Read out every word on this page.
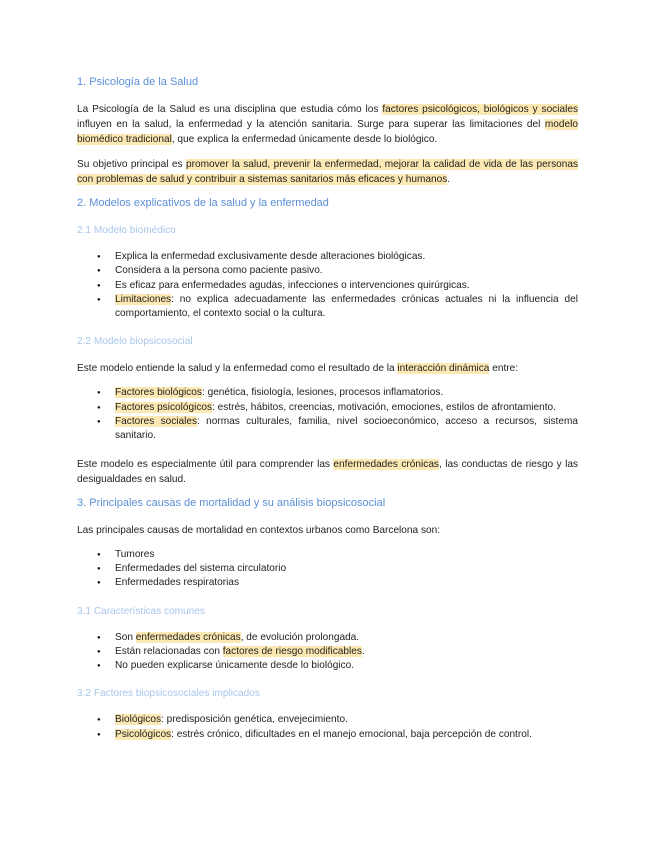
1. Psicología de la Salud

La Psicología de la Salud es una disciplina que estudia cómo los factores psicológicos, biológicos y sociales influyen en la salud, la enfermedad y la atención sanitaria. Surge para superar las limitaciones del modelo biomédico tradicional, que explica la enfermedad únicamente desde lo biológico.

Su objetivo principal es promover la salud, prevenir la enfermedad, mejorar la calidad de vida de las personas con problemas de salud y contribuir a sistemas sanitarios más eficaces y humanos.

2. Modelos explicativos de la salud y la enfermedad
2.1 Modelo biomédico
● Explica la enfermedad exclusivamente desde alteraciones biológicas.
● Considera a la persona como paciente pasivo.
● Es eficaz para enfermedades agudas, infecciones o intervenciones quirúrgicas.
● Limitaciones: no explica adecuadamente las enfermedades crónicas actuales ni la influencia del comportamiento, el contexto social o la cultura.
2.2 Modelo biopsicosocial

Este modelo entiende la salud y la enfermedad como el resultado de la interacción dinámica entre:

● Factores biológicos: genética, fisiología, lesiones, procesos inflamatorios.
● Factores psicológicos: estrés, hábitos, creencias, motivación, emociones, estilos de afrontamiento.
● Factores sociales: normas culturales, familia, nivel socioeconómico, acceso a recursos, sistema sanitario.

Este modelo es especialmente útil para comprender las enfermedades crónicas, las conductas de riesgo y las desigualdades en salud.

3. Principales causas de mortalidad y su análisis biopsicosocial

Las principales causas de mortalidad en contextos urbanos como Barcelona son:

● Tumores
● Enfermedades del sistema circulatorio
● Enfermedades respiratorias
3.1 Características comunes
● Son enfermedades crónicas, de evolución prolongada.
● Están relacionadas con factores de riesgo modificables.
● No pueden explicarse únicamente desde lo biológico.
3.2 Factores biopsicosociales implicados
● Biológicos: predisposición genética, envejecimiento.
● Psicológicos: estrés crónico, dificultades en el manejo emocional, baja percepción de control.
